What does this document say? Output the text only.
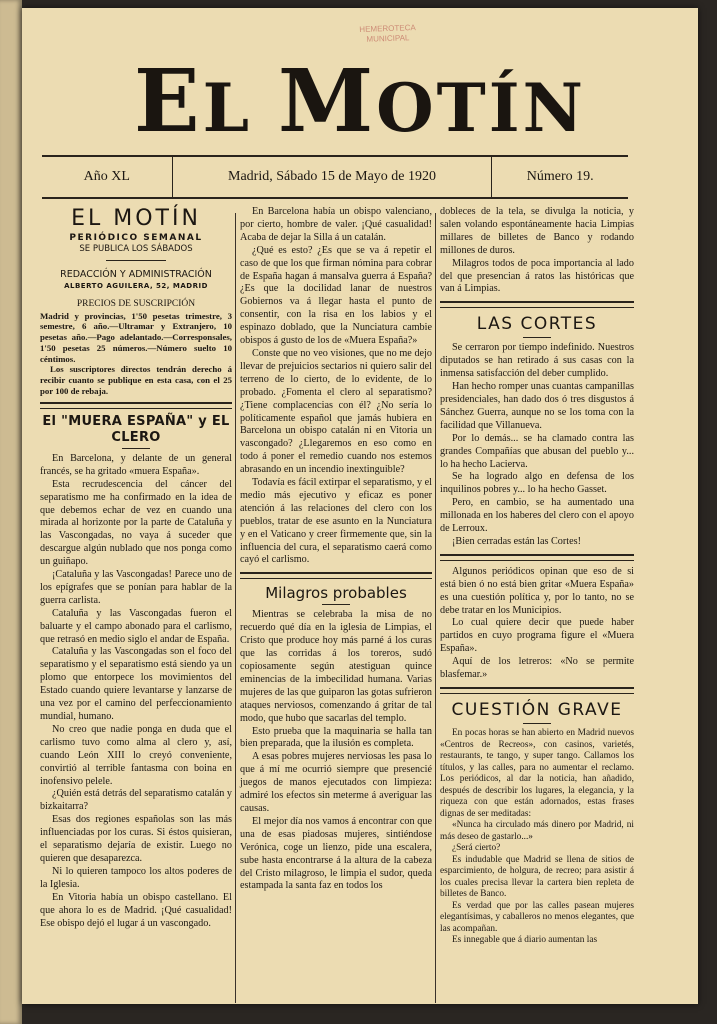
HEMEROTECA
MUNICIPAL
EL MOTÍN
Año XL	Madrid, Sábado 15 de Mayo de 1920	Número 19.
EL MOTÍN
PERIÓDICO SEMANAL
SE PUBLICA LOS SÁBADOS
REDACCIÓN Y ADMINISTRACIÓN
ALBERTO AGUILERA, 52, MADRID
PRECIOS DE SUSCRIPCIÓN

Madrid y provincias, 1'50 pesetas trimestre, 3 semestre, 6 año.—Ultramar y Extranjero, 10 pesetas año.—Pago adelantado.—Corresponsales, 1'50 pesetas 25 números.—Número suelto 10 céntimos.

Los suscriptores directos tendrán derecho á recibir cuanto se publique en esta casa, con el 25 por 100 de rebaja.

El "MUERA ESPAÑA" y EL CLERO

En Barcelona, y delante de un general francés, se ha gritado «muera España».

Esta recrudescencia del cáncer del separatismo me ha confirmado en la idea de que debemos echar de vez en cuando una mirada al horizonte por la parte de Cataluña y las Vascongadas, no vaya á suceder que descargue algún nublado que nos ponga como un guiñapo.

¡Cataluña y las Vascongadas! Parece uno de los epígrafes que se ponían para hablar de la guerra carlista.

Cataluña y las Vascongadas fueron el baluarte y el campo abonado para el carlismo, que retrasó en medio siglo el andar de España.

Cataluña y las Vascongadas son el foco del separatismo y el separatismo está siendo ya un plomo que entorpece los movimientos del Estado cuando quiere levantarse y lanzarse de una vez por el camino del perfeccionamiento mundial, humano.

No creo que nadie ponga en duda que el carlismo tuvo como alma al clero y, así, cuando León XIII lo creyó conveniente, convirtió al terrible fantasma con boina en inofensivo pelele.

¿Quién está detrás del separatismo catalán y bizkaitarra?

Esas dos regiones españolas son las más influenciadas por los curas. Si éstos quisieran, el separatismo dejaría de existir. Luego no quieren que desaparezca.

Ni lo quieren tampoco los altos poderes de la Iglesia.

En Vitoria había un obispo castellano. El que ahora lo es de Madrid. ¡Qué casualidad! Ese obispo dejó el lugar á un vascongado.

En Barcelona había un obispo valenciano, por cierto, hombre de valer. ¡Qué casualidad! Acaba de dejar la Silla á un catalán.

¿Qué es esto? ¿Es que se va á repetir el caso de que los que firman nómina para cobrar de España hagan á mansalva guerra á España? ¿Es que la docilidad lanar de nuestros Gobiernos va á llegar hasta el punto de consentir, con la risa en los labios y el espinazo doblado, que la Nunciatura cambie obispos á gusto de los de «Muera España?»

Conste que no veo visiones, que no me dejo llevar de prejuicios sectarios ni quiero salir del terreno de lo cierto, de lo evidente, de lo probado. ¿Fomenta el clero al separatismo? ¿Tiene complacencias con él? ¿No sería lo políticamente español que jamás hubiera en Barcelona un obispo catalán ni en Vitoria un vascongado? ¿Llegaremos en eso como en todo á poner el remedio cuando nos estemos abrasando en un incendio inextinguible?

Todavía es fácil extirpar el separatismo, y el medio más ejecutivo y eficaz es poner atención á las relaciones del clero con los pueblos, tratar de ese asunto en la Nunciatura y en el Vaticano y creer firmemente que, sin la influencia del cura, el separatismo caerá como cayó el carlismo.

Milagros probables

Mientras se celebraba la misa de no recuerdo qué día en la iglesia de Limpias, el Cristo que produce hoy más parné á los curas que las corridas á los toreros, sudó copiosamente según atestiguan quince eminencias de la imbecilidad humana. Varias mujeres de las que guiparon las gotas sufrieron ataques nerviosos, comenzando á gritar de tal modo, que hubo que sacarlas del templo.

Esto prueba que la maquinaria se halla tan bien preparada, que la ilusión es completa.

A esas pobres mujeres nerviosas les pasa lo que á mí me ocurrió siempre que presencié juegos de manos ejecutados con limpieza: admiré los efectos sin meterme á averiguar las causas.

El mejor día nos vamos á encontrar con que una de esas piadosas mujeres, sintiéndose Verónica, coge un lienzo, pide una escalera, sube hasta encontrarse á la altura de la cabeza del Cristo milagroso, le limpia el sudor, queda estampada la santa faz en todos los

dobleces de la tela, se divulga la noticia, y salen volando espontáneamente hacia Limpias millares de billetes de Banco y rodando millones de duros.

Milagros todos de poca importancia al lado del que presencian á ratos las históricas que van á Limpias.

LAS CORTES

Se cerraron por tiempo indefinido. Nuestros diputados se han retirado á sus casas con la inmensa satisfacción del deber cumplido.

Han hecho romper unas cuantas campanillas presidenciales, han dado dos ó tres disgustos á Sánchez Guerra, aunque no se los toma con la facilidad que Villanueva.

Por lo demás... se ha clamado contra las grandes Compañías que abusan del pueblo y... lo ha hecho Lacierva.

Se ha logrado algo en defensa de los inquilinos pobres y... lo ha hecho Gasset.

Pero, en cambio, se ha aumentado una millonada en los haberes del clero con el apoyo de Lerroux.

¡Bien cerradas están las Cortes!

Algunos periódicos opinan que eso de si está bien ó no está bien gritar «Muera España» es una cuestión política y, por lo tanto, no se debe tratar en los Municipios.

Lo cual quiere decir que puede haber partidos en cuyo programa figure el «Muera España».

Aquí de los letreros: «No se permite blasfemar.»

CUESTIÓN GRAVE

En pocas horas se han abierto en Madrid nuevos «Centros de Recreos», con casinos, varietés, restaurants, te tango, y super tango. Callamos los títulos, y las calles, para no aumentar el reclamo. Los periódicos, al dar la noticia, han añadido, después de describir los lugares, la elegancia, y la riqueza con que están adornados, estas frases dignas de ser meditadas:

«Nunca ha circulado más dinero por Madrid, ni más deseo de gastarlo...»

¿Será cierto?

Es indudable que Madrid se llena de sitios de esparcimiento, de holgura, de recreo; para asistir á los cuales precisa llevar la cartera bien repleta de billetes de Banco.

Es verdad que por las calles pasean mujeres elegantísimas, y caballeros no menos elegantes, que las acompañan.

Es innegable que á diario aumentan las
